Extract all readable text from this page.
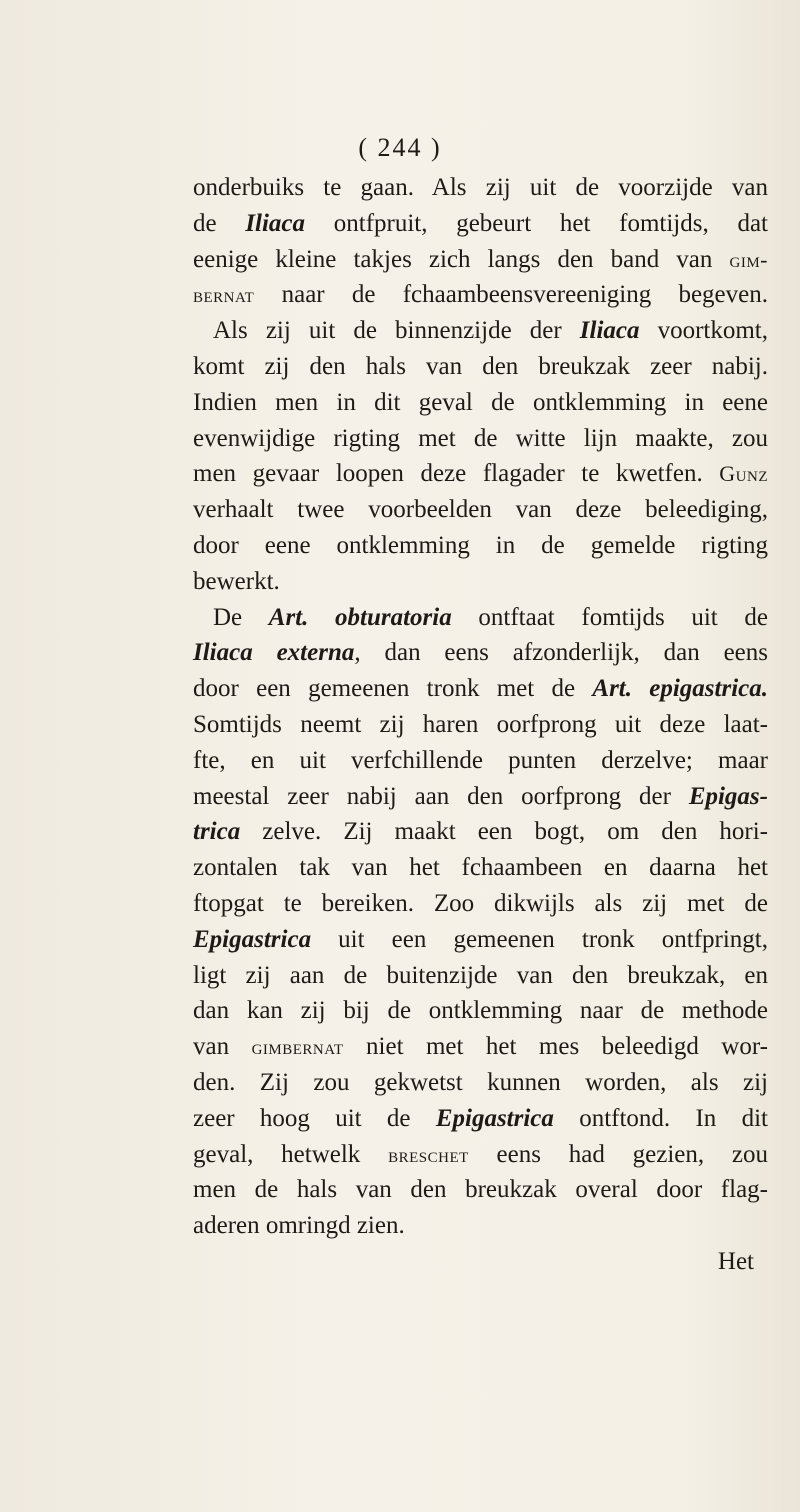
( 244 )
onderbuiks te gaan. Als zij uit de voorzijde van
de Iliaca ontfpruit, gebeurt het fomtijds, dat
eenige kleine takjes zich langs den band van gim-
bernat naar de fchaambeensvereeniging begeven.
Als zij uit de binnenzijde der Iliaca voortkomt,
komt zij den hals van den breukzak zeer nabij.
Indien men in dit geval de ontklemming in eene
evenwijdige rigting met de witte lijn maakte, zou
men gevaar loopen deze flagader te kwetfen. Gunz
verhaalt twee voorbeelden van deze beleediging,
door eene ontklemming in de gemelde rigting
bewerkt.
De Art. obturatoria ontftaat fomtijds uit de
Iliaca externa, dan eens afzonderlijk, dan eens
door een gemeenen tronk met de Art. epigastrica.
Somtijds neemt zij haren oorfprong uit deze laat-
fte, en uit verfchillende punten derzelve; maar
meestal zeer nabij aan den oorfprong der Epigas-
trica zelve. Zij maakt een bogt, om den hori-
zontalen tak van het fchaambeen en daarna het
ftopgat te bereiken. Zoo dikwijls als zij met de
Epigastrica uit een gemeenen tronk ontfpringt,
ligt zij aan de buitenzijde van den breukzak, en
dan kan zij bij de ontklemming naar de methode
van gimbernat niet met het mes beleedigd wor-
den. Zij zou gekwetst kunnen worden, als zij
zeer hoog uit de Epigastrica ontftond. In dit
geval, hetwelk breschet eens had gezien, zou
men de hals van den breukzak overal door flag-
aderen omringd zien.
Het
